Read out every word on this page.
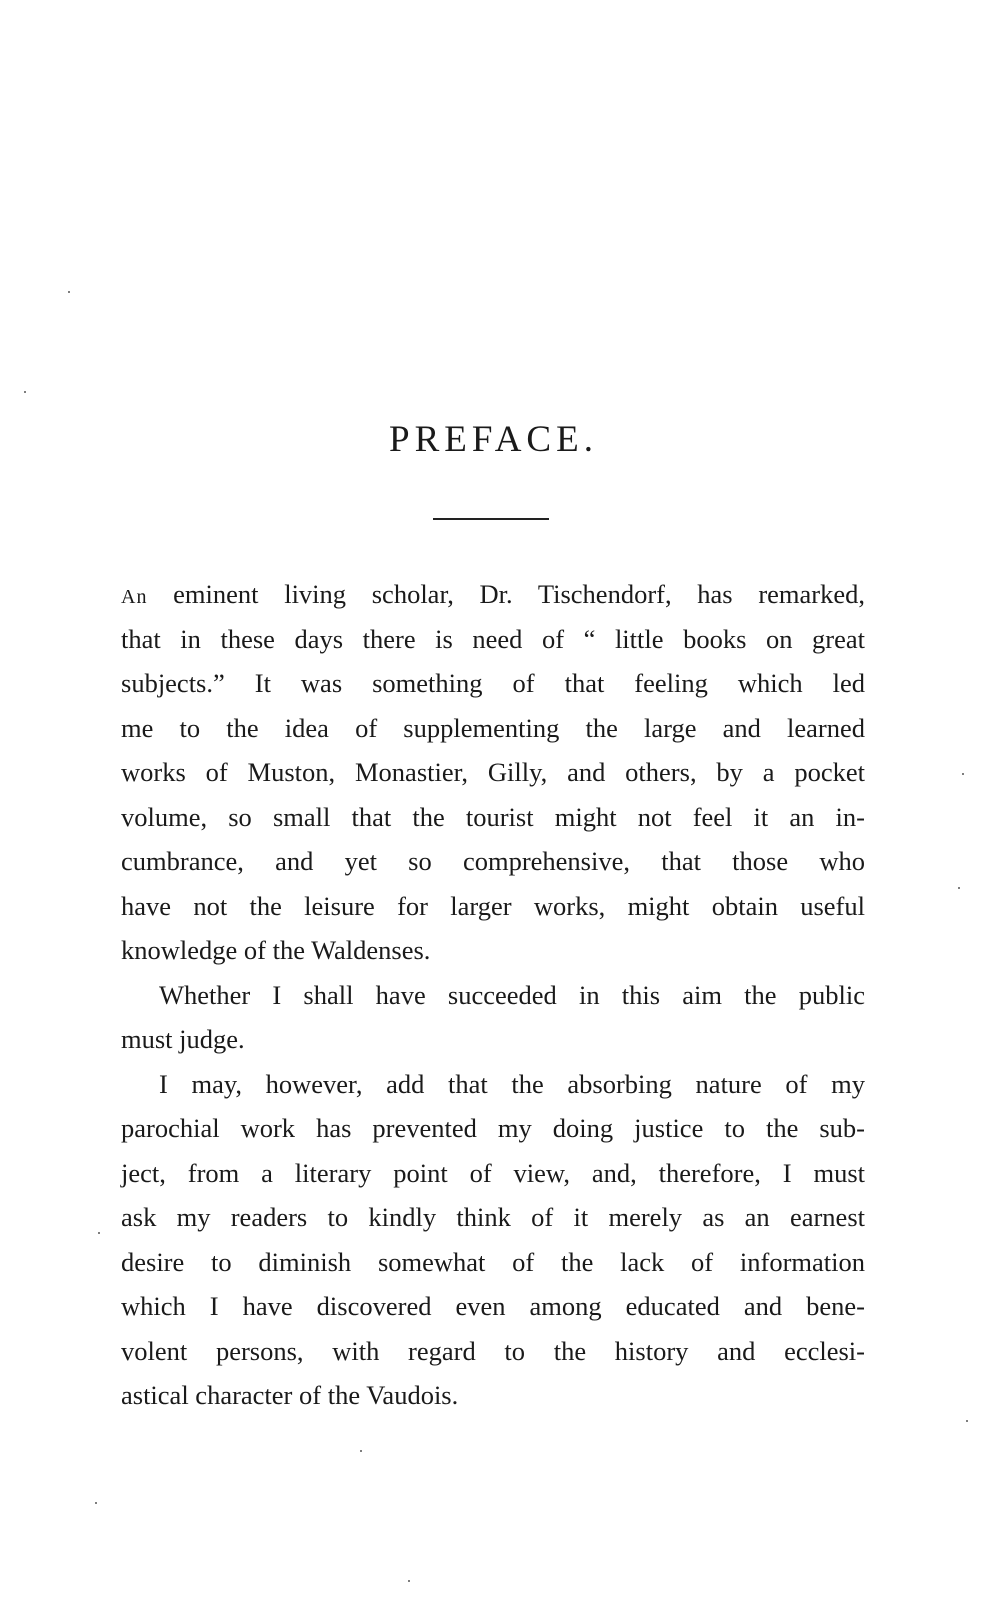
PREFACE.
An eminent living scholar, Dr. Tischendorf, has remarked,
that in these days there is need of “ little books on great
subjects.” It was something of that feeling which led
me to the idea of supplementing the large and learned
works of Muston, Monastier, Gilly, and others, by a pocket
volume, so small that the tourist might not feel it an in-
cumbrance, and yet so comprehensive, that those who
have not the leisure for larger works, might obtain useful
knowledge of the Waldenses.
Whether I shall have succeeded in this aim the public
must judge.
I may, however, add that the absorbing nature of my
parochial work has prevented my doing justice to the sub-
ject, from a literary point of view, and, therefore, I must
ask my readers to kindly think of it merely as an earnest
desire to diminish somewhat of the lack of information
which I have discovered even among educated and bene-
volent persons, with regard to the history and ecclesi-
astical character of the Vaudois.
